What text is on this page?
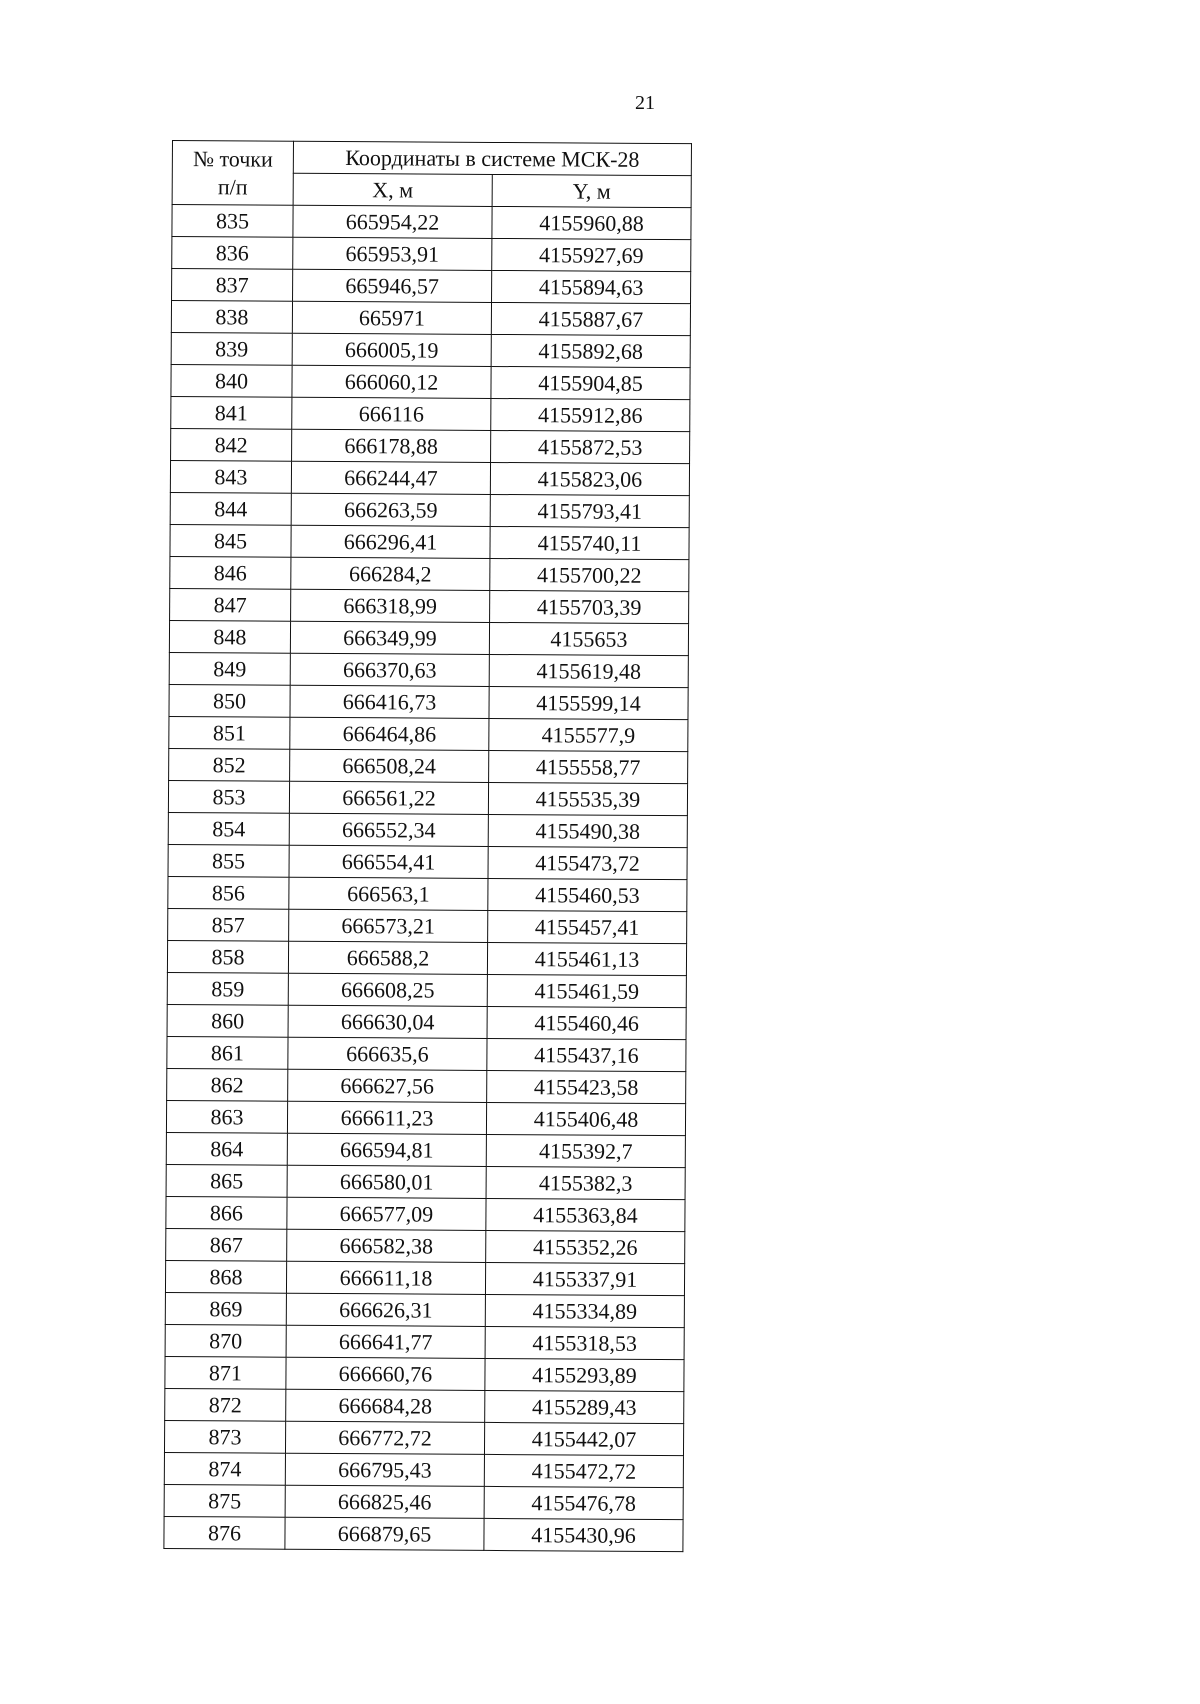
21
№ точки
п/п	Координаты в системе МСК-28	
	X, м	Y, м
835	665954,22	4155960,88
836	665953,91	4155927,69
837	665946,57	4155894,63
838	665971	4155887,67
839	666005,19	4155892,68
840	666060,12	4155904,85
841	666116	4155912,86
842	666178,88	4155872,53
843	666244,47	4155823,06
844	666263,59	4155793,41
845	666296,41	4155740,11
846	666284,2	4155700,22
847	666318,99	4155703,39
848	666349,99	4155653
849	666370,63	4155619,48
850	666416,73	4155599,14
851	666464,86	4155577,9
852	666508,24	4155558,77
853	666561,22	4155535,39
854	666552,34	4155490,38
855	666554,41	4155473,72
856	666563,1	4155460,53
857	666573,21	4155457,41
858	666588,2	4155461,13
859	666608,25	4155461,59
860	666630,04	4155460,46
861	666635,6	4155437,16
862	666627,56	4155423,58
863	666611,23	4155406,48
864	666594,81	4155392,7
865	666580,01	4155382,3
866	666577,09	4155363,84
867	666582,38	4155352,26
868	666611,18	4155337,91
869	666626,31	4155334,89
870	666641,77	4155318,53
871	666660,76	4155293,89
872	666684,28	4155289,43
873	666772,72	4155442,07
874	666795,43	4155472,72
875	666825,46	4155476,78
876	666879,65	4155430,96
